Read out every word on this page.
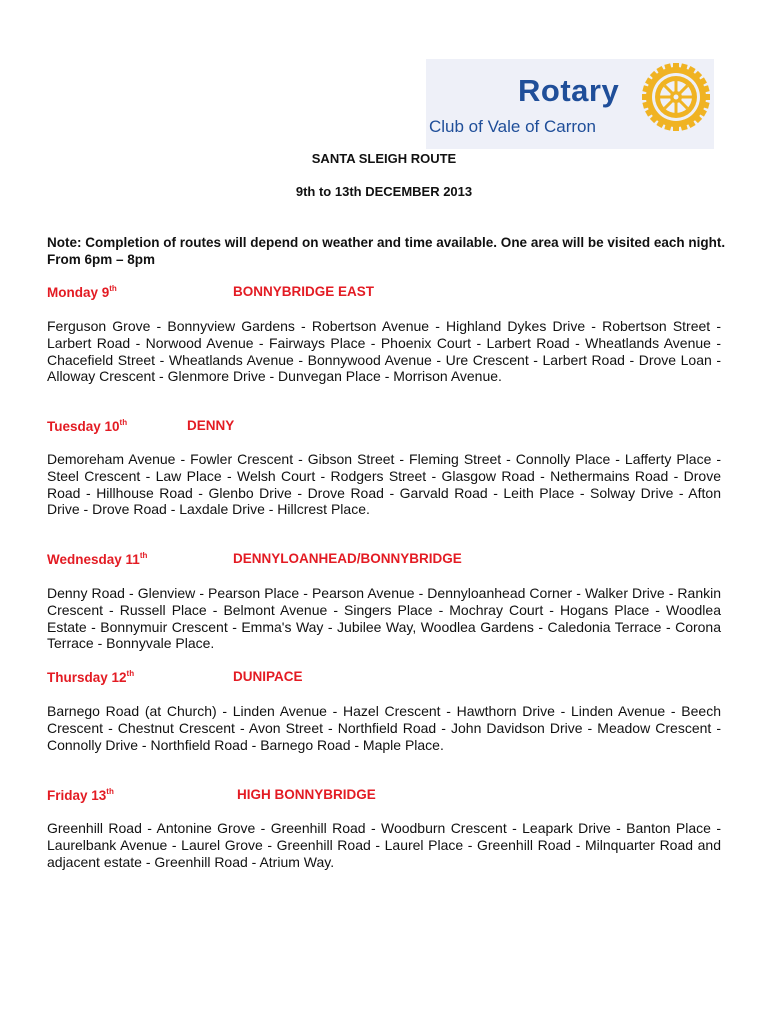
Rotary
Club of Vale of Carron
SANTA SLEIGH ROUTE
9th to 13th DECEMBER 2013
Note: Completion of routes will depend on weather and time available. One area will be visited each night. From 6pm – 8pm
Monday 9th	BONNYBRIDGE EAST
Ferguson Grove - Bonnyview Gardens - Robertson Avenue - Highland Dykes Drive - Robertson Street - Larbert Road - Norwood Avenue - Fairways Place - Phoenix Court - Larbert Road - Wheatlands Avenue - Chacefield Street - Wheatlands Avenue - Bonnywood Avenue - Ure Crescent - Larbert Road - Drove Loan - Alloway Crescent - Glenmore Drive - Dunvegan Place - Morrison Avenue.
Tuesday 10th	DENNY
Demoreham Avenue - Fowler Crescent - Gibson Street - Fleming Street - Connolly Place - Lafferty Place - Steel Crescent - Law Place - Welsh Court - Rodgers Street - Glasgow Road - Nethermains Road - Drove Road - Hillhouse Road - Glenbo Drive - Drove Road - Garvald Road - Leith Place - Solway Drive - Afton Drive - Drove Road - Laxdale Drive - Hillcrest Place.
Wednesday 11th	DENNYLOANHEAD/BONNYBRIDGE
Denny Road - Glenview - Pearson Place - Pearson Avenue - Dennyloanhead Corner - Walker Drive - Rankin Crescent - Russell Place - Belmont Avenue - Singers Place - Mochray Court - Hogans Place - Woodlea Estate - Bonnymuir Crescent - Emma's Way - Jubilee Way, Woodlea Gardens - Caledonia Terrace - Corona Terrace - Bonnyvale Place.
Thursday 12th	DUNIPACE
Barnego Road (at Church) - Linden Avenue - Hazel Crescent - Hawthorn Drive - Linden Avenue - Beech Crescent - Chestnut Crescent - Avon Street - Northfield Road - John Davidson Drive - Meadow Crescent - Connolly Drive - Northfield Road - Barnego Road - Maple Place.
Friday 13th	HIGH BONNYBRIDGE
Greenhill Road - Antonine Grove - Greenhill Road - Woodburn Crescent - Leapark Drive - Banton Place - Laurelbank Avenue - Laurel Grove - Greenhill Road - Laurel Place - Greenhill Road - Milnquarter Road and adjacent estate - Greenhill Road - Atrium Way.
